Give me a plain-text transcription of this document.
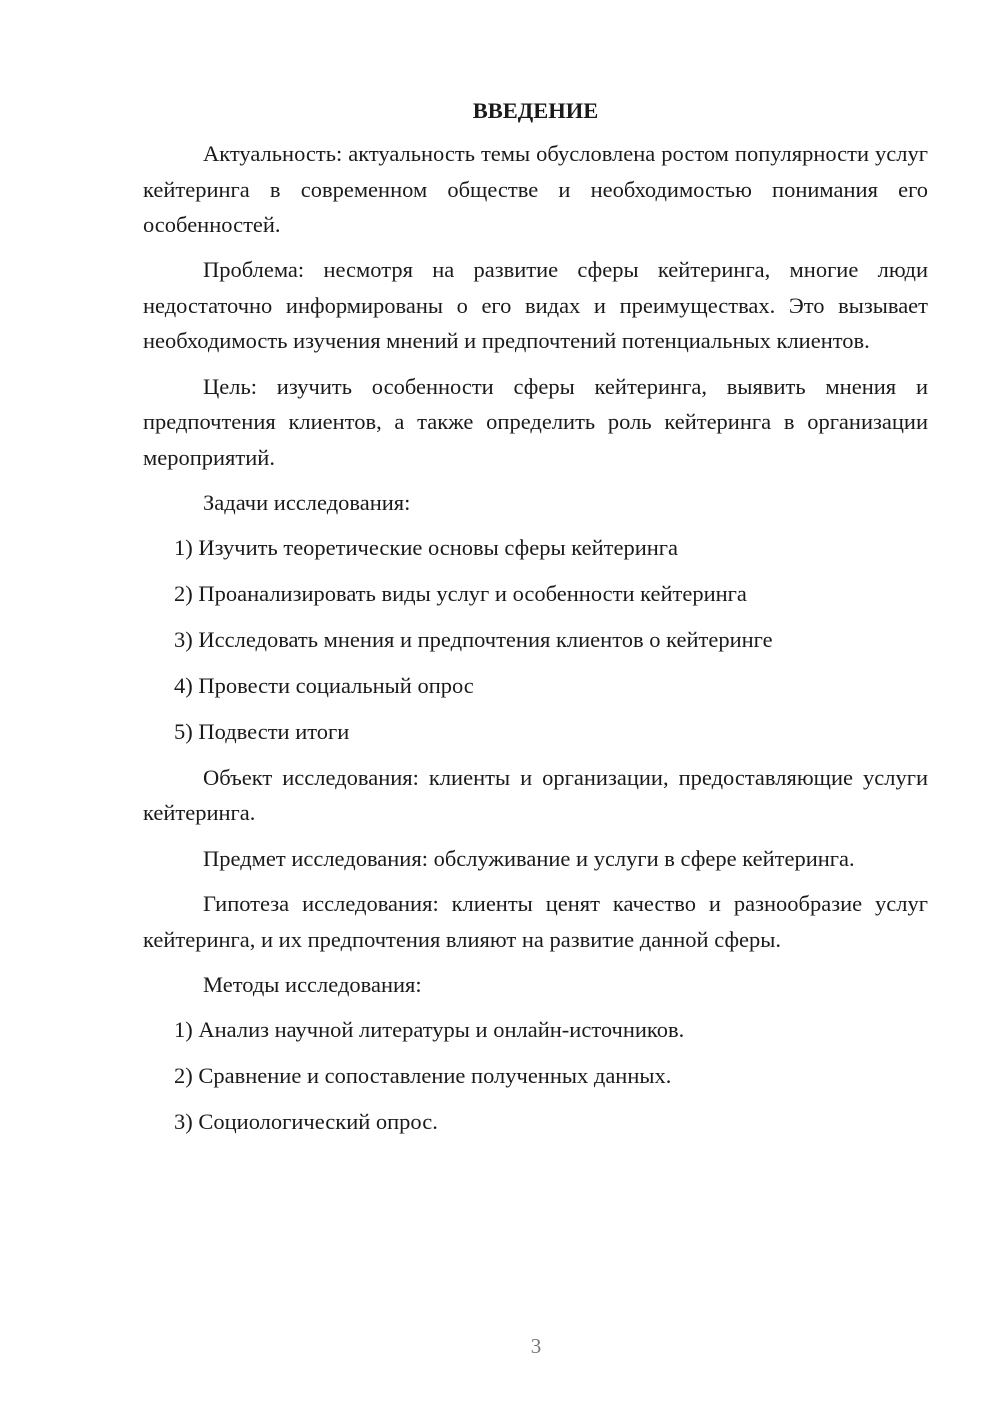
ВВЕДЕНИЕ

Актуальность: актуальность темы обусловлена ростом популярности услуг кейтеринга в современном обществе и необходимостью понимания его особенностей.

Проблема: несмотря на развитие сферы кейтеринга, многие люди недостаточно информированы о его видах и преимуществах. Это вызывает необходимость изучения мнений и предпочтений потенциальных клиентов.

Цель: изучить особенности сферы кейтеринга, выявить мнения и предпочтения клиентов, а также определить роль кейтеринга в организации мероприятий.

Задачи исследования:

1) Изучить теоретические основы сферы кейтеринга

2) Проанализировать виды услуг и особенности кейтеринга

3) Исследовать мнения и предпочтения клиентов о кейтеринге

4) Провести социальный опрос

5) Подвести итоги

Объект исследования: клиенты и организации, предоставляющие услуги кейтеринга.

Предмет исследования: обслуживание и услуги в сфере кейтеринга.

Гипотеза исследования: клиенты ценят качество и разнообразие услуг кейтеринга, и их предпочтения влияют на развитие данной сферы.

Методы исследования:

1) Анализ научной литературы и онлайн-источников.

2) Сравнение и сопоставление полученных данных.

3) Социологический опрос.

3
